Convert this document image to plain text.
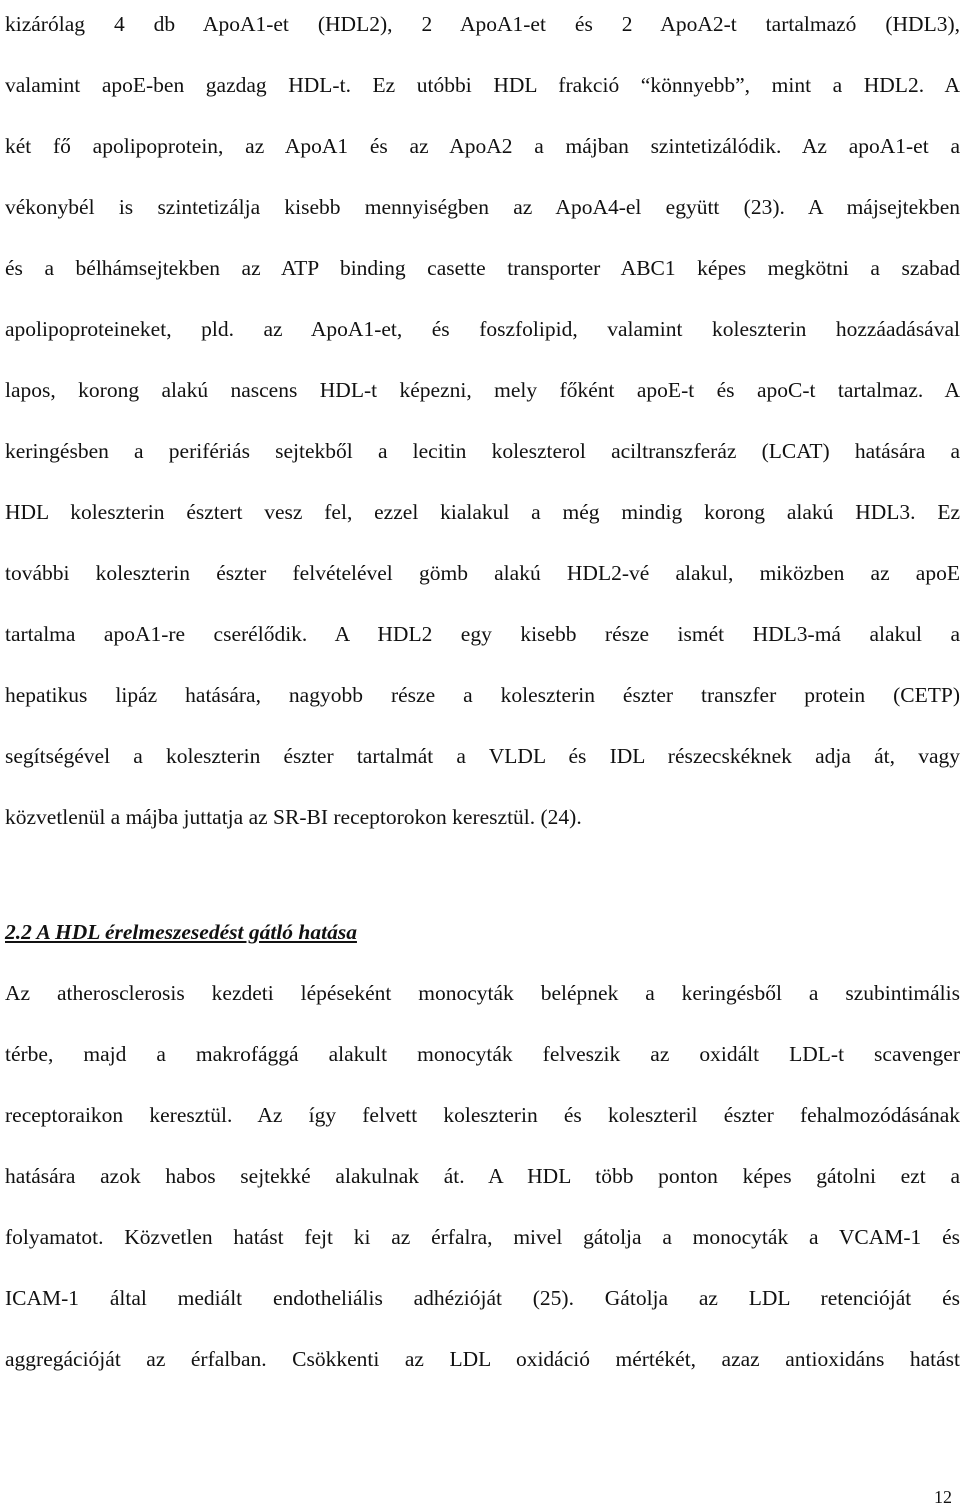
kizárólag 4 db ApoA1-et (HDL2), 2 ApoA1-et és 2 ApoA2-t tartalmazó (HDL3),
valamint apoE-ben gazdag HDL-t. Ez utóbbi HDL frakció “könnyebb”, mint a HDL2. A
két fő apolipoprotein, az ApoA1 és az ApoA2 a májban szintetizálódik. Az apoA1-et a
vékonybél is szintetizálja kisebb mennyiségben az ApoA4-el együtt (23). A májsejtekben
és a bélhámsejtekben az ATP binding casette transporter ABC1 képes megkötni a szabad
apolipoproteineket, pld. az ApoA1-et, és foszfolipid, valamint koleszterin hozzáadásával
lapos, korong alakú nascens HDL-t képezni, mely főként apoE-t és apoC-t tartalmaz. A
keringésben a perifériás sejtekből a lecitin koleszterol aciltranszferáz (LCAT) hatására a
HDL koleszterin észtert vesz fel, ezzel kialakul a még mindig korong alakú HDL3. Ez
további koleszterin észter felvételével gömb alakú HDL2-vé alakul, miközben az apoE
tartalma apoA1-re cserélődik. A HDL2 egy kisebb része ismét HDL3-má alakul a
hepatikus lipáz hatására, nagyobb része a koleszterin észter transzfer protein (CETP)
segítségével a koleszterin észter tartalmát a VLDL és IDL részecskéknek adja át, vagy
közvetlenül a májba juttatja az SR-BI receptorokon keresztül. (24).
2.2 A HDL érelmeszesedést gátló hatása
Az atherosclerosis kezdeti lépéseként monocyták belépnek a keringésből a szubintimális
térbe, majd a makrofággá alakult monocyták felveszik az oxidált LDL-t scavenger
receptoraikon keresztül. Az így felvett koleszterin és koleszteril észter fehalmozódásának
hatására azok habos sejtekké alakulnak át. A HDL több ponton képes gátolni ezt a
folyamatot. Közvetlen hatást fejt ki az érfalra, mivel gátolja a monocyták a VCAM-1 és
ICAM-1 által mediált endotheliális adhézióját (25). Gátolja az LDL retencióját és
aggregációját az érfalban. Csökkenti az LDL oxidáció mértékét, azaz antioxidáns hatást
12
